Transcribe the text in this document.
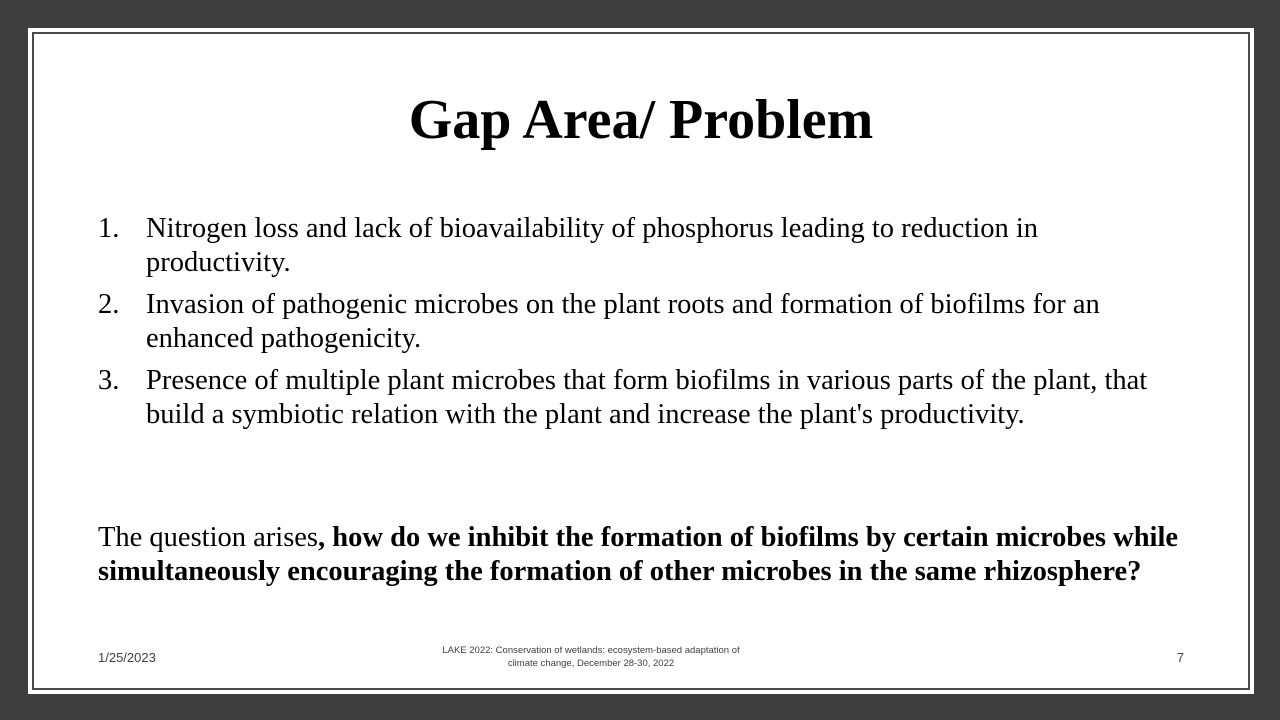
Gap Area/ Problem
1. Nitrogen loss and lack of bioavailability of phosphorus leading to reduction in productivity.
2. Invasion of pathogenic microbes on the plant roots and formation of biofilms for an enhanced pathogenicity.
3. Presence of multiple plant microbes that form biofilms in various parts of the plant, that build a symbiotic relation with the plant and increase the plant's productivity.

The question arises, how do we inhibit the formation of biofilms by certain microbes while simultaneously encouraging the formation of other microbes in the same rhizosphere?

1/25/2023	LAKE 2022: Conservation of wetlands: ecosystem-based adaptation of climate change, December 28-30, 2022	7
